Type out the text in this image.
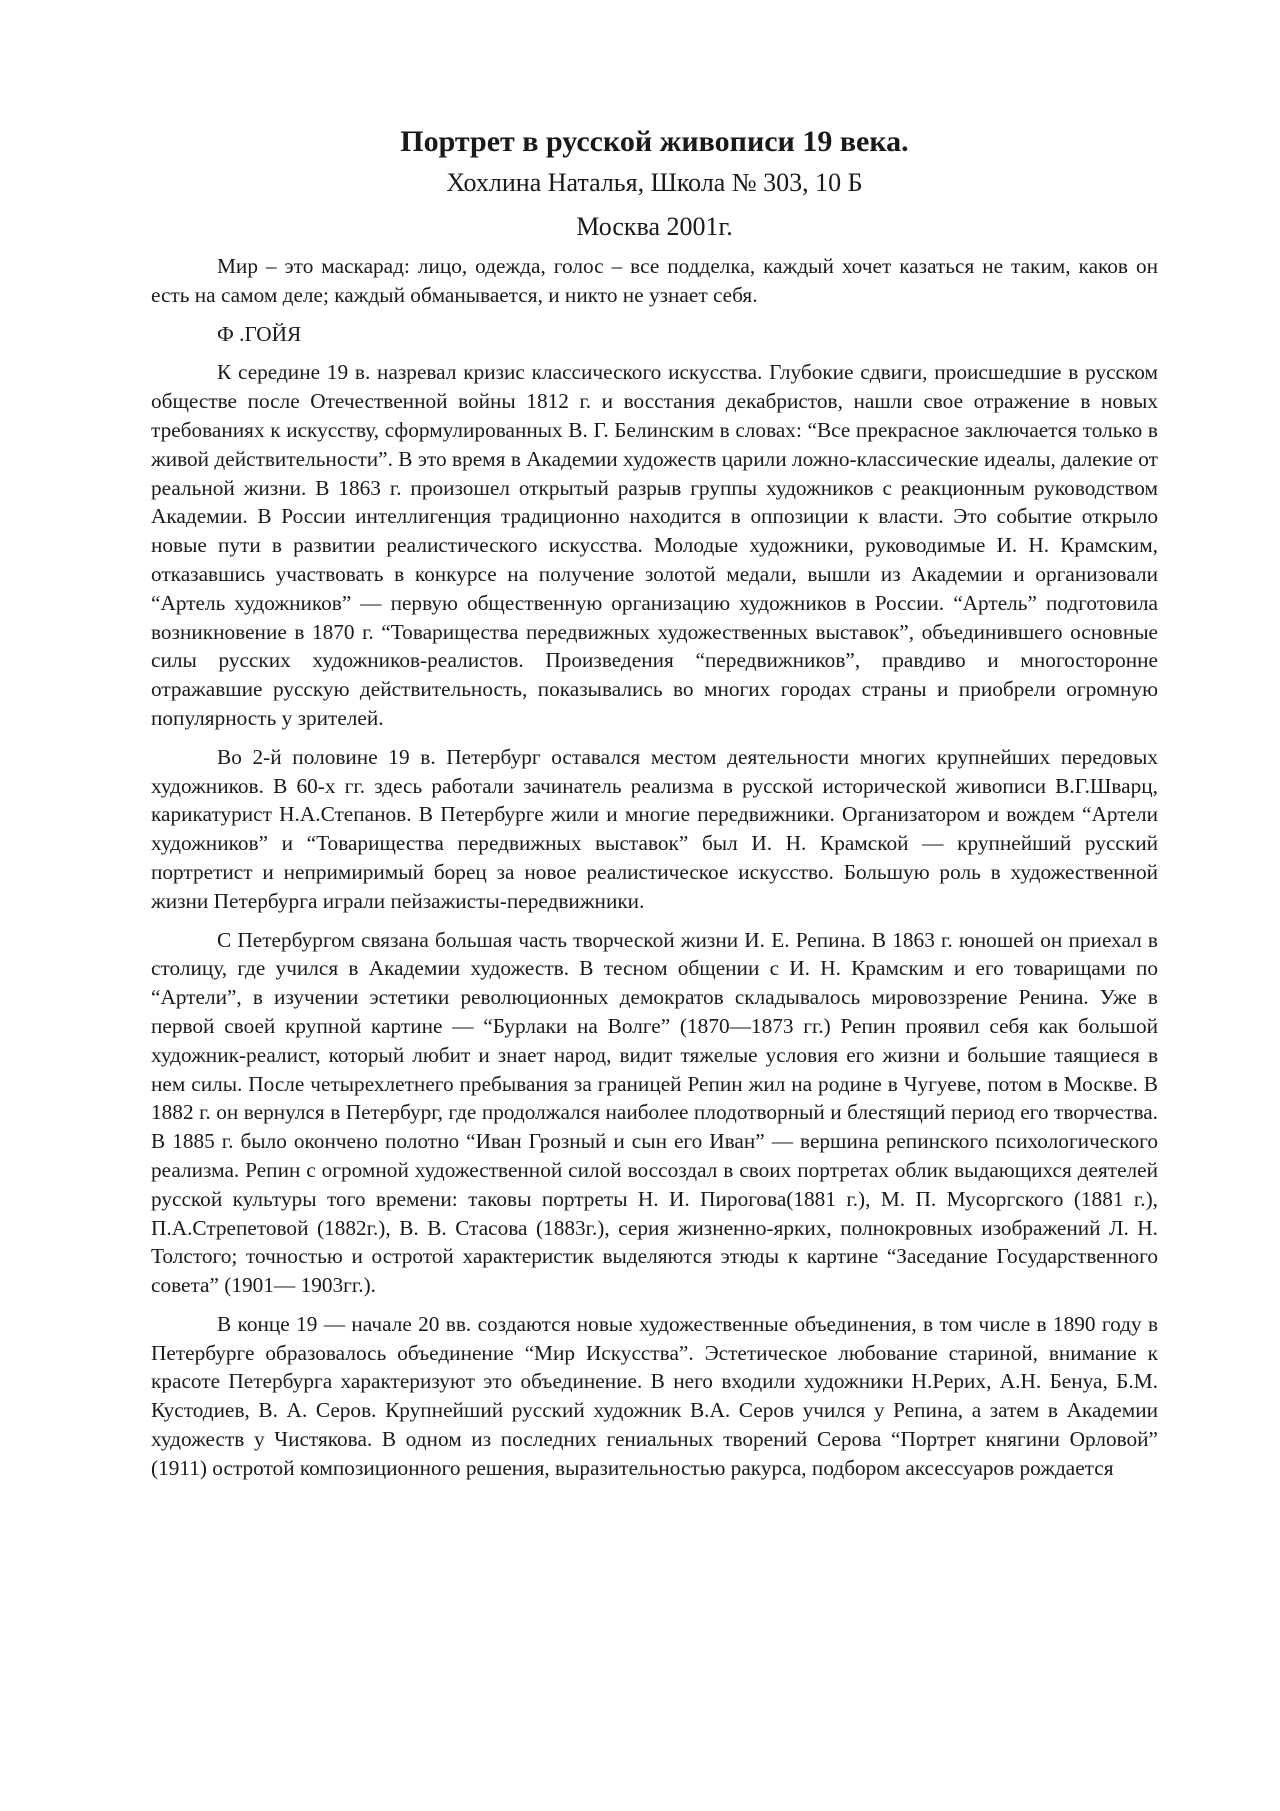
Портрет в русской живописи 19 века.
Хохлина Наталья, Школа № 303, 10 Б
Москва 2001г.

Мир – это маскарад: лицо, одежда, голос – все подделка, каждый хочет казаться не таким, каков он есть на самом деле; каждый обманывается, и никто не узнает себя.

Ф .ГОЙЯ

К середине 19 в. назревал кризис классического искусства. Глубокие сдвиги, происшедшие в русском обществе после Отечественной войны 1812 г. и восстания декабристов, нашли свое отражение в новых требованиях к искусству, сформулированных В. Г. Белинским в словах: “Все прекрасное заключается только в живой действительности”. В это время в Академии художеств царили ложно-классические идеалы, далекие от реальной жизни. В 1863 г. произошел открытый разрыв группы художников с реакционным руководством Академии. В России интеллигенция традиционно находится в оппозиции к власти. Это событие открыло новые пути в развитии реалистического искусства. Молодые художники, руководимые И. Н. Крамским, отказавшись участвовать в конкурсе на получение золотой медали, вышли из Академии и организовали “Артель художников” — первую общественную организацию художников в России. “Артель” подготовила возникновение в 1870 г. “Товарищества передвижных художественных выставок”, объединившего основные силы русских художников-реалистов. Произведения “передвижников”, правдиво и многосторонне отражавшие русскую действительность, показывались во многих городах страны и приобрели огромную популярность у зрителей.

Во 2-й половине 19 в. Петербург оставался местом деятельности многих крупнейших передовых художников. В 60-х гг. здесь работали зачинатель реализма в русской исторической живописи В.Г.Шварц, карикатурист Н.А.Степанов. В Петербурге жили и многие передвижники. Организатором и вождем “Артели художников” и “Товарищества передвижных выставок” был И. Н. Крамской — крупнейший русский портретист и непримиримый борец за новое реалистическое искусство. Большую роль в художественной жизни Петербурга играли пейзажисты-передвижники.

С Петербургом связана большая часть творческой жизни И. Е. Репина. В 1863 г. юношей он приехал в столицу, где учился в Академии художеств. В тесном общении с И. Н. Крамским и его товарищами по “Артели”, в изучении эстетики революционных демократов складывалось мировоззрение Ренина. Уже в первой своей крупной картине — “Бурлаки на Волге” (1870—1873 гг.) Репин проявил себя как большой художник-реалист, который любит и знает народ, видит тяжелые условия его жизни и большие таящиеся в нем силы. После четырехлетнего пребывания за границей Репин жил на родине в Чугуеве, потом в Москве. В 1882 г. он вернулся в Петербург, где продолжался наиболее плодотворный и блестящий период его творчества. В 1885 г. было окончено полотно “Иван Грозный и сын его Иван” — вершина репинского психологического реализма. Репин с огромной художественной силой воссоздал в своих портретах облик выдающихся деятелей русской культуры того времени: таковы портреты Н. И. Пирогова(1881 г.), М. П. Мусоргского (1881 г.), П.А.Стрепетовой (1882г.), В. В. Стасова (1883г.), серия жизненно-ярких, полнокровных изображений Л. Н. Толстого; точностью и остротой характеристик выделяются этюды к картине “Заседание Государственного совета” (1901— 1903гг.).

В конце 19 — начале 20 вв. создаются новые художественные объединения, в том числе в 1890 году в Петербурге образовалось объединение “Мир Искусства”. Эстетическое любование стариной, внимание к красоте Петербурга характеризуют это объединение. В него входили художники Н.Рерих, А.Н. Бенуа, Б.М. Кустодиев, В. А. Серов. Крупнейший русский художник В.А. Серов учился у Репина, а затем в Академии художеств у Чистякова. В одном из последних гениальных творений Серова “Портрет княгини Орловой” (1911) остротой композиционного решения, выразительностью ракурса, подбором аксессуаров рождается
